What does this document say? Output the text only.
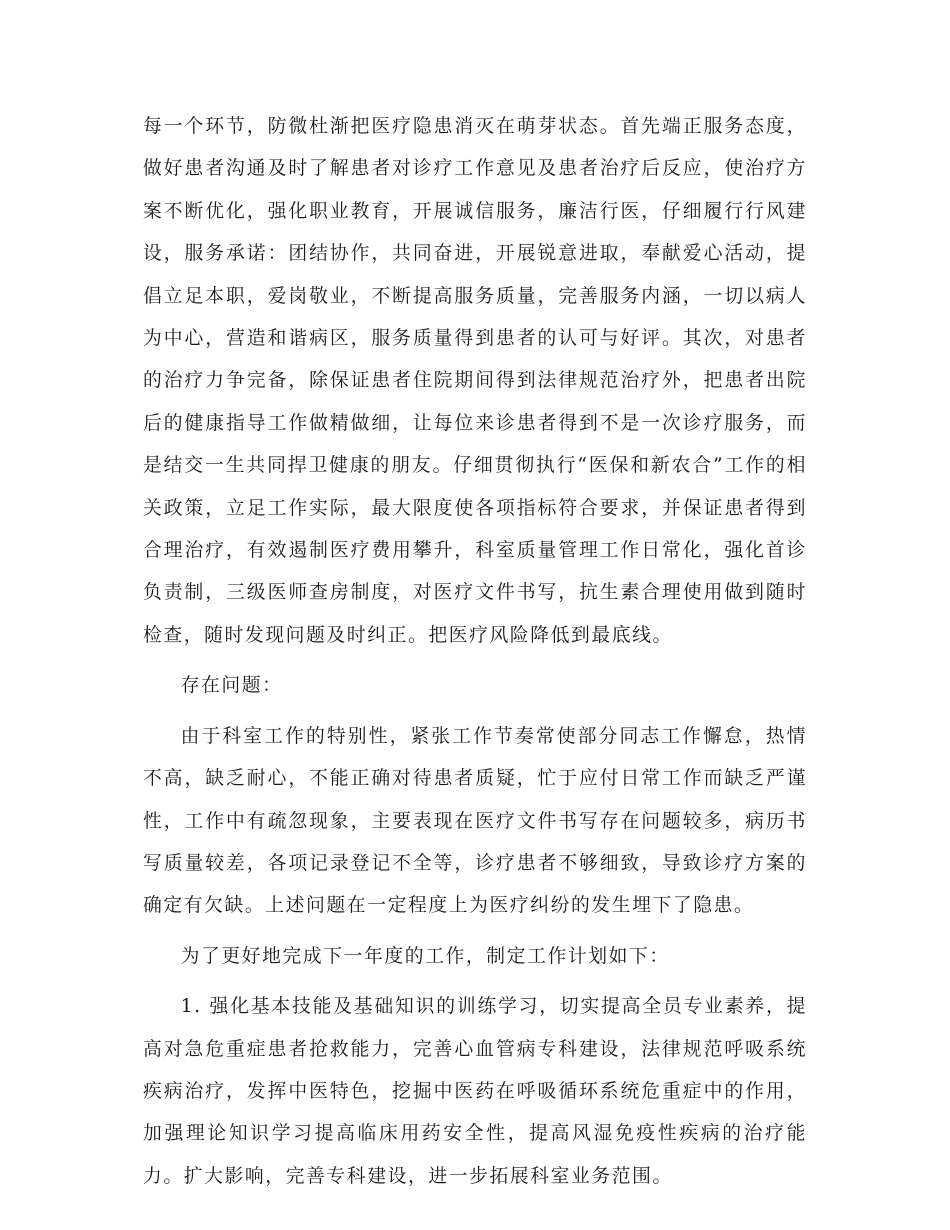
每一个环节，防微杜渐把医疗隐患消灭在萌芽状态。首先端正服务态度，做好患者沟通及时了解患者对诊疗工作意见及患者治疗后反应，使治疗方案不断优化，强化职业教育，开展诚信服务，廉洁行医，仔细履行行风建设，服务承诺：团结协作，共同奋进，开展锐意进取，奉献爱心活动，提倡立足本职，爱岗敬业，不断提高服务质量，完善服务内涵，一切以病人为中心，营造和谐病区，服务质量得到患者的认可与好评。其次，对患者的治疗力争完备，除保证患者住院期间得到法律规范治疗外，把患者出院后的健康指导工作做精做细，让每位来诊患者得到不是一次诊疗服务，而是结交一生共同捍卫健康的朋友。仔细贯彻执行“医保和新农合”工作的相关政策，立足工作实际，最大限度使各项指标符合要求，并保证患者得到合理治疗，有效遏制医疗费用攀升，科室质量管理工作日常化，强化首诊负责制，三级医师查房制度，对医疗文件书写，抗生素合理使用做到随时检查，随时发现问题及时纠正。把医疗风险降低到最底线。

存在问题：

由于科室工作的特别性，紧张工作节奏常使部分同志工作懈怠，热情不高，缺乏耐心，不能正确对待患者质疑，忙于应付日常工作而缺乏严谨性，工作中有疏忽现象，主要表现在医疗文件书写存在问题较多，病历书写质量较差，各项记录登记不全等，诊疗患者不够细致，导致诊疗方案的确定有欠缺。上述问题在一定程度上为医疗纠纷的发生埋下了隐患。

为了更好地完成下一年度的工作，制定工作计划如下：

1. 强化基本技能及基础知识的训练学习，切实提高全员专业素养，提高对急危重症患者抢救能力，完善心血管病专科建设，法律规范呼吸系统疾病治疗，发挥中医特色，挖掘中医药在呼吸循环系统危重症中的作用，加强理论知识学习提高临床用药安全性，提高风湿免疫性疾病的治疗能力。扩大影响，完善专科建设，进一步拓展科室业务范围。
